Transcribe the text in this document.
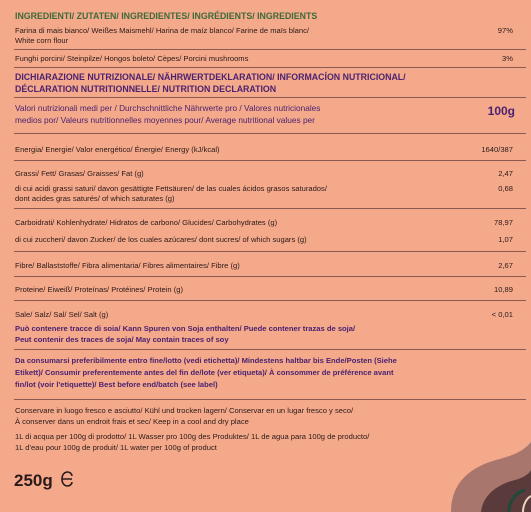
INGREDIENTI/ ZUTATEN/ INGREDIENTES/ INGRÉDIENTS/ INGREDIENTS
Farina di mais bianco/ Weißes Maismehl/ Harina de maíz blanco/ Farine de maïs blanc/
White corn flour
97%
Funghi porcini/ Steinpilze/ Hongos boleto/ Cèpes/ Porcini mushrooms	3%
DICHIARAZIONE NUTRIZIONALE/ NÄHRWERTDEKLARATION/ INFORMACÍON NUTRICIONAL/
DÉCLARATION NUTRITIONNELLE/ NUTRITION DECLARATION
Valori nutrizionali medi per / Durchschnittliche Nährwerte pro / Valores nutricionales
medios por/ Valeurs nutritionnelles moyennes pour/ Average nutritional values per
100g
Energia/ Energie/ Valor energético/ Énergie/ Energy (kJ/kcal)	1640/387
Grassi/ Fett/ Grasas/ Graisses/ Fat (g)	2,47
di cui acidi grassi saturi/ davon gesättigte Fettsäuren/ de las cuales ácidos grasos saturados/
dont acides gras saturés/ of which saturates (g)
0,68
Carboidrati/ Kohlenhydrate/ Hidratos de carbono/ Glucides/ Carbohydrates (g)	78,97
di cui zuccheri/ davon Zucker/ de los cuales azúcares/ dont sucres/ of which sugars (g)	1,07
Fibre/ Ballaststoffe/ Fibra alimentaria/ Fibres alimentaires/ Fibre (g)	2,67
Proteine/ Eiweiß/ Proteínas/ Protéines/ Protein (g)	10,89
Sale/ Salz/ Sal/ Sel/ Salt (g)	< 0,01
Può contenere tracce di soia/ Kann Spuren von Soja enthalten/ Puede contener trazas de soja/
Peut contenir des traces de soja/ May contain traces of soy
Da consumarsi preferibilmente entro fine/lotto (vedi etichetta)/ Mindestens haltbar bis Ende/Posten (Siehe
Etikett)/ Consumir preferentemente antes del fin de/lote (ver etiqueta)/ À consommer de préférence avant
fin/lot (voir l'etiquette)/ Best before end/batch (see label)
Conservare in luogo fresco e asciutto/ Kühl und trocken lagern/ Conservar en un lugar fresco y seco/
À conserver dans un endroit frais et sec/ Keep in a cool and dry place
1L di acqua per 100g di prodotto/ 1L Wasser pro 100g des Produktes/ 1L de agua para 100g de producto/
1L d'eau pour 100g de produit/ 1L water per 100g of product
250g
